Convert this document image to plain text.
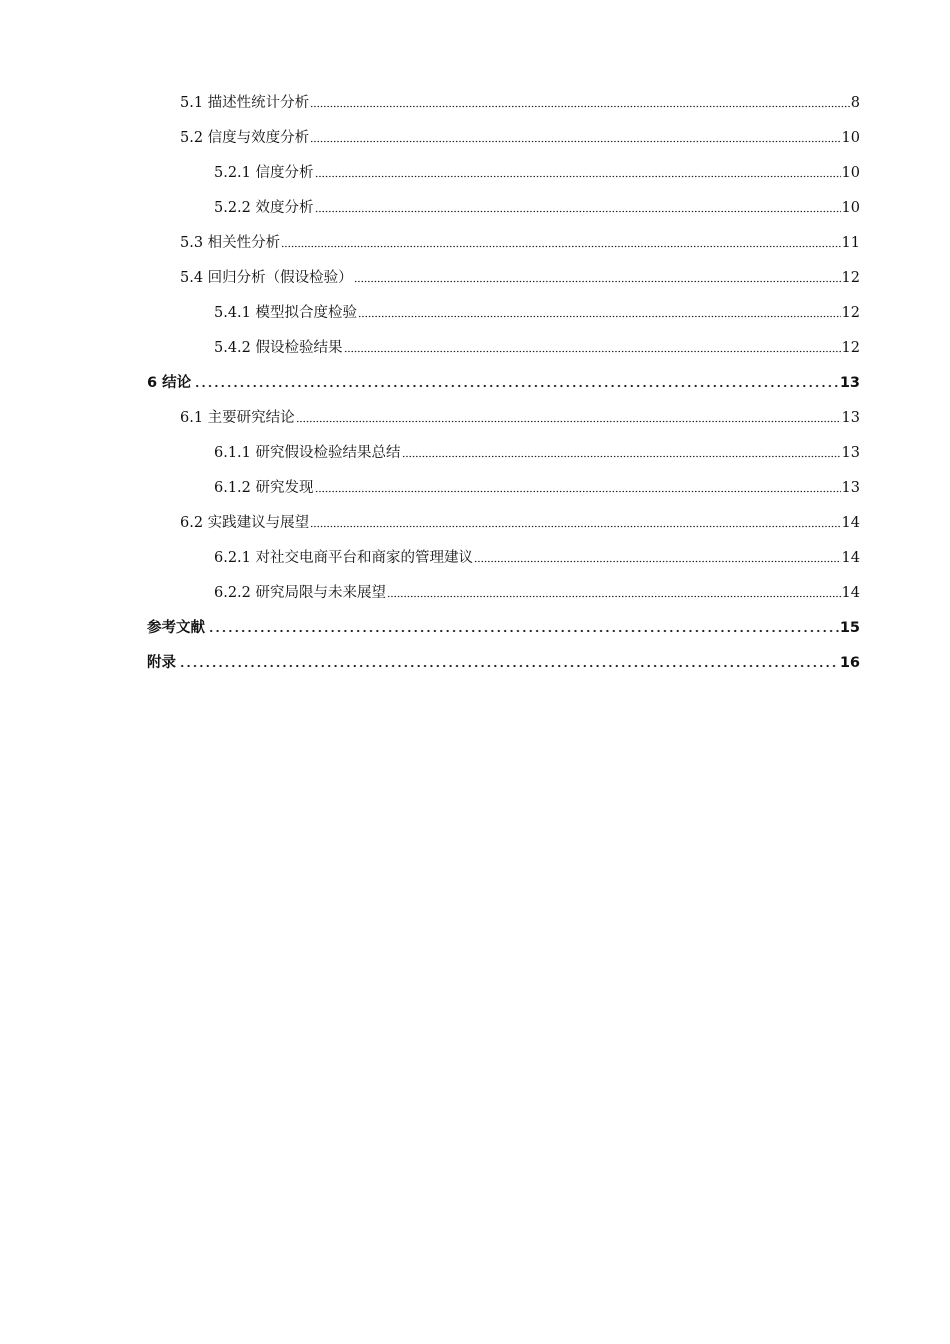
5.1 描述性统计分析	8
5.2 信度与效度分析	10
5.2.1 信度分析	10
5.2.2 效度分析	10
5.3 相关性分析	11
5.4 回归分析（假设检验）	12
5.4.1 模型拟合度检验	12
5.4.2 假设检验结果	12
6 结论	13
6.1 主要研究结论	13
6.1.1 研究假设检验结果总结	13
6.1.2 研究发现	13
6.2 实践建议与展望	14
6.2.1 对社交电商平台和商家的管理建议	14
6.2.2 研究局限与未来展望	14
参考文献	15
附录	16
